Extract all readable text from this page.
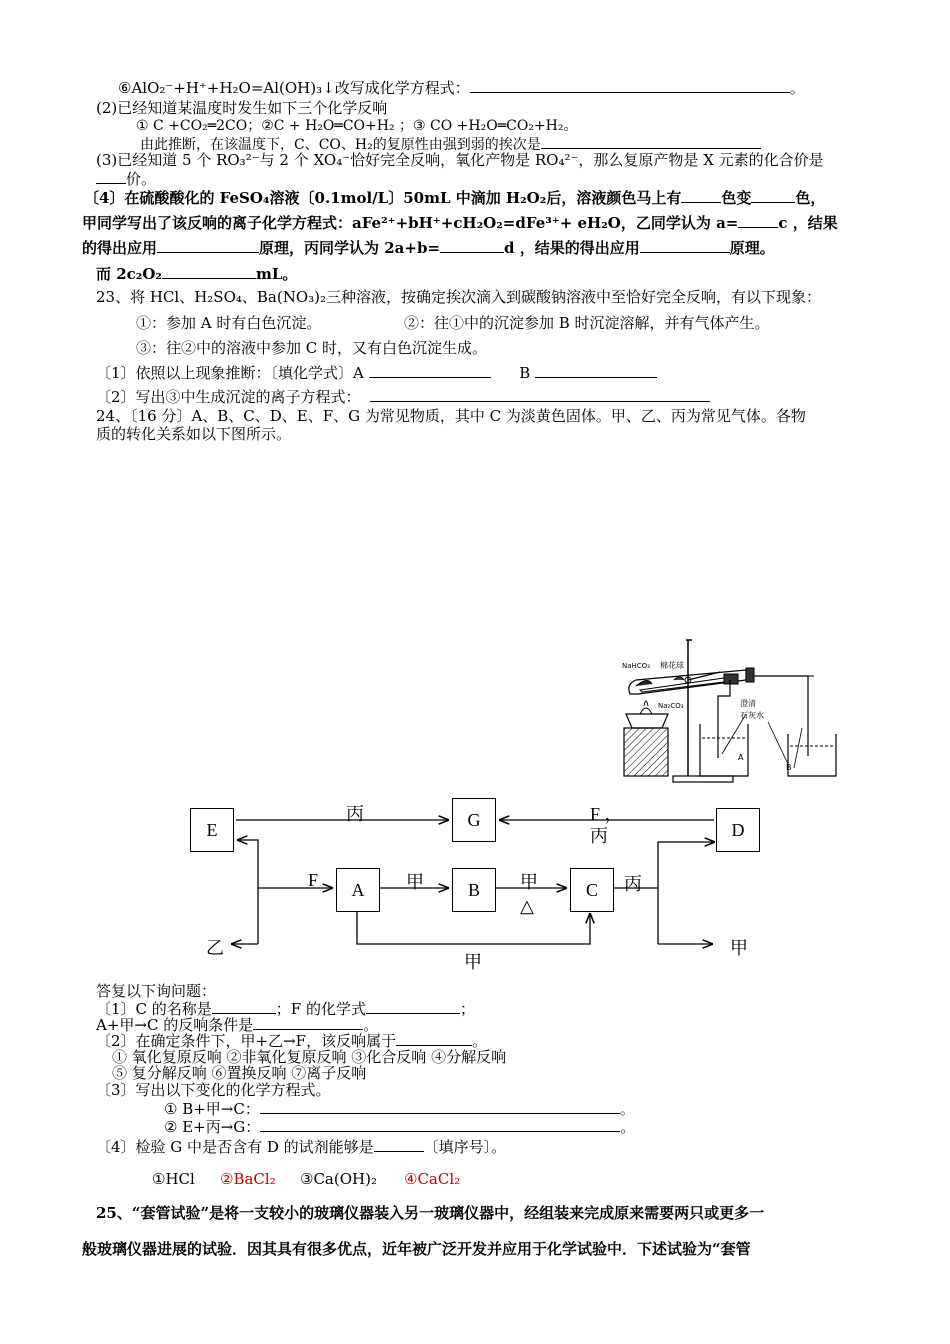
⑥AlO₂⁻+H⁺+H₂O=Al(OH)₃↓改写成化学方程式：	。
(2)已经知道某温度时发生如下三个化学反响
① C +CO₂═2CO；②C + H₂O═CO+H₂ ；③ CO +H₂O═CO₂+H₂。
由此推断，在该温度下，C、CO、H₂的复原性由强到弱的挨次是
(3)已经知道 5 个 RO₃²⁻与 2 个 XO₄⁻恰好完全反响，氧化产物是 RO₄²⁻，那么复原产物是 X 元素的化合价是
价。
〔4〕在硫酸酸化的 FeSO₄溶液〔0.1mol/L〕50mL 中滴加 H₂O₂后，溶液颜色马上有	色变	色，
甲同学写出了该反响的离子化学方程式：aFe²⁺+bH⁺+cH₂O₂=dFe³⁺+ eH₂O，乙同学认为 a=	c ，结果
的得出应用	原理，丙同学认为 2a+b=	d ，结果的得出应用	原理。
而 2c₂O₂	mL。
23、将 HCl、H₂SO₄、Ba(NO₃)₂三种溶液，按确定挨次滴入到碳酸钠溶液中至恰好完全反响，有以下现象：
①：参加 A 时有白色沉淀。	②：往①中的沉淀参加 B 时沉淀溶解，并有气体产生。
③：往②中的溶液中参加 C 时，又有白色沉淀生成。
〔1〕依照以上现象推断：〔填化学式〕A	B
〔2〕写出③中生成沉淀的离子方程式：
24、〔16 分〕A、B、C、D、E、F、G 为常见物质，其中 C 为淡黄色固体。甲、乙、丙为常见气体。各物
质的转化关系如以下图所示。
NaHCO₃ 棉花球
Na₂CO₃	澄清
石灰水
A
B
E	G	D
A	B	C
丙	F ，
丙
F	甲	甲
△
丙
乙	甲
甲
答复以下询问题：
〔1〕C 的名称是	；F 的化学式	；
A+甲→C 的反响条件是	。
〔2〕在确定条件下，甲+乙→F，该反响属于	。
① 氧化复原反响 ②非氧化复原反响 ③化合反响 ④分解反响
⑤ 复分解反响 ⑥置换反响 ⑦离子反响
〔3〕写出以下变化的化学方程式。
① B+甲→C：	。
② E+丙→G：	。
〔4〕检验 G 中是否含有 D 的试剂能够是	〔填序号〕。
①HCl ②BaCl₂ ③Ca(OH)₂ ④CaCl₂
25、“套管试验”是将一支较小的玻璃仪器装入另一玻璃仪器中，经组装来完成原来需要两只或更多一
般玻璃仪器进展的试验．因其具有很多优点，近年被广泛开发并应用于化学试验中．下述试验为“套管
